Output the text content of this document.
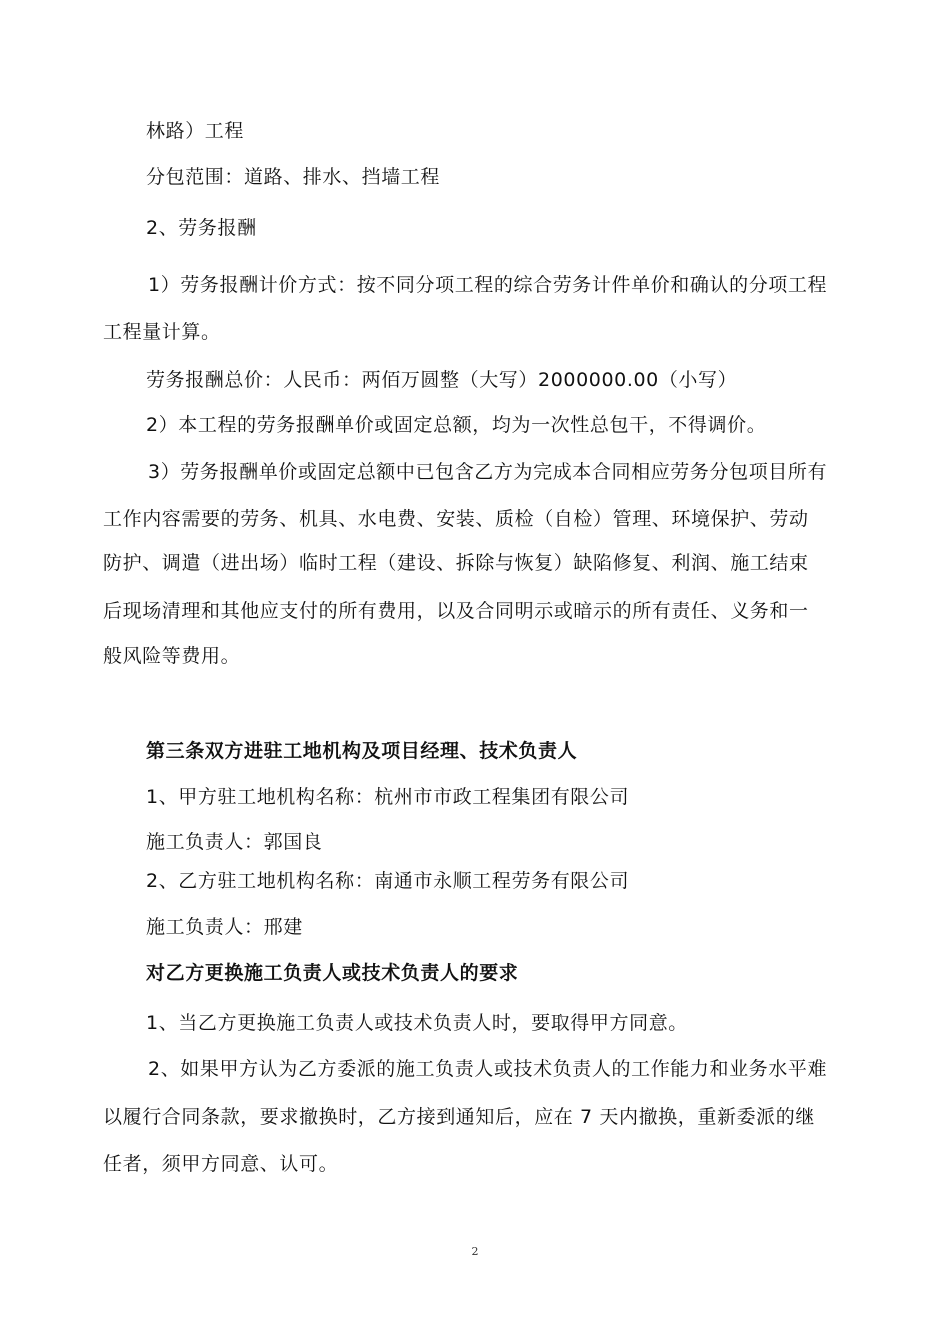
林路）工程
分包范围：道路、排水、挡墙工程
2、劳务报酬
1）劳务报酬计价方式：按不同分项工程的综合劳务计件单价和确认的分项工程
工程量计算。
劳务报酬总价：人民币：两佰万圆整（大写）2000000.00（小写）
2）本工程的劳务报酬单价或固定总额，均为一次性总包干，不得调价。
3）劳务报酬单价或固定总额中已包含乙方为完成本合同相应劳务分包项目所有
工作内容需要的劳务、机具、水电费、安装、质检（自检）管理、环境保护、劳动
防护、调遣（进出场）临时工程（建设、拆除与恢复）缺陷修复、利润、施工结束
后现场清理和其他应支付的所有费用，以及合同明示或暗示的所有责任、义务和一
般风险等费用。
第三条双方进驻工地机构及项目经理、技术负责人
1、甲方驻工地机构名称：杭州市市政工程集团有限公司
施工负责人：郭国良
2、乙方驻工地机构名称：南通市永顺工程劳务有限公司
施工负责人：邢建
对乙方更换施工负责人或技术负责人的要求
1、当乙方更换施工负责人或技术负责人时，要取得甲方同意。
2、如果甲方认为乙方委派的施工负责人或技术负责人的工作能力和业务水平难
以履行合同条款，要求撤换时，乙方接到通知后，应在 7 天内撤换，重新委派的继
任者，须甲方同意、认可。
2
